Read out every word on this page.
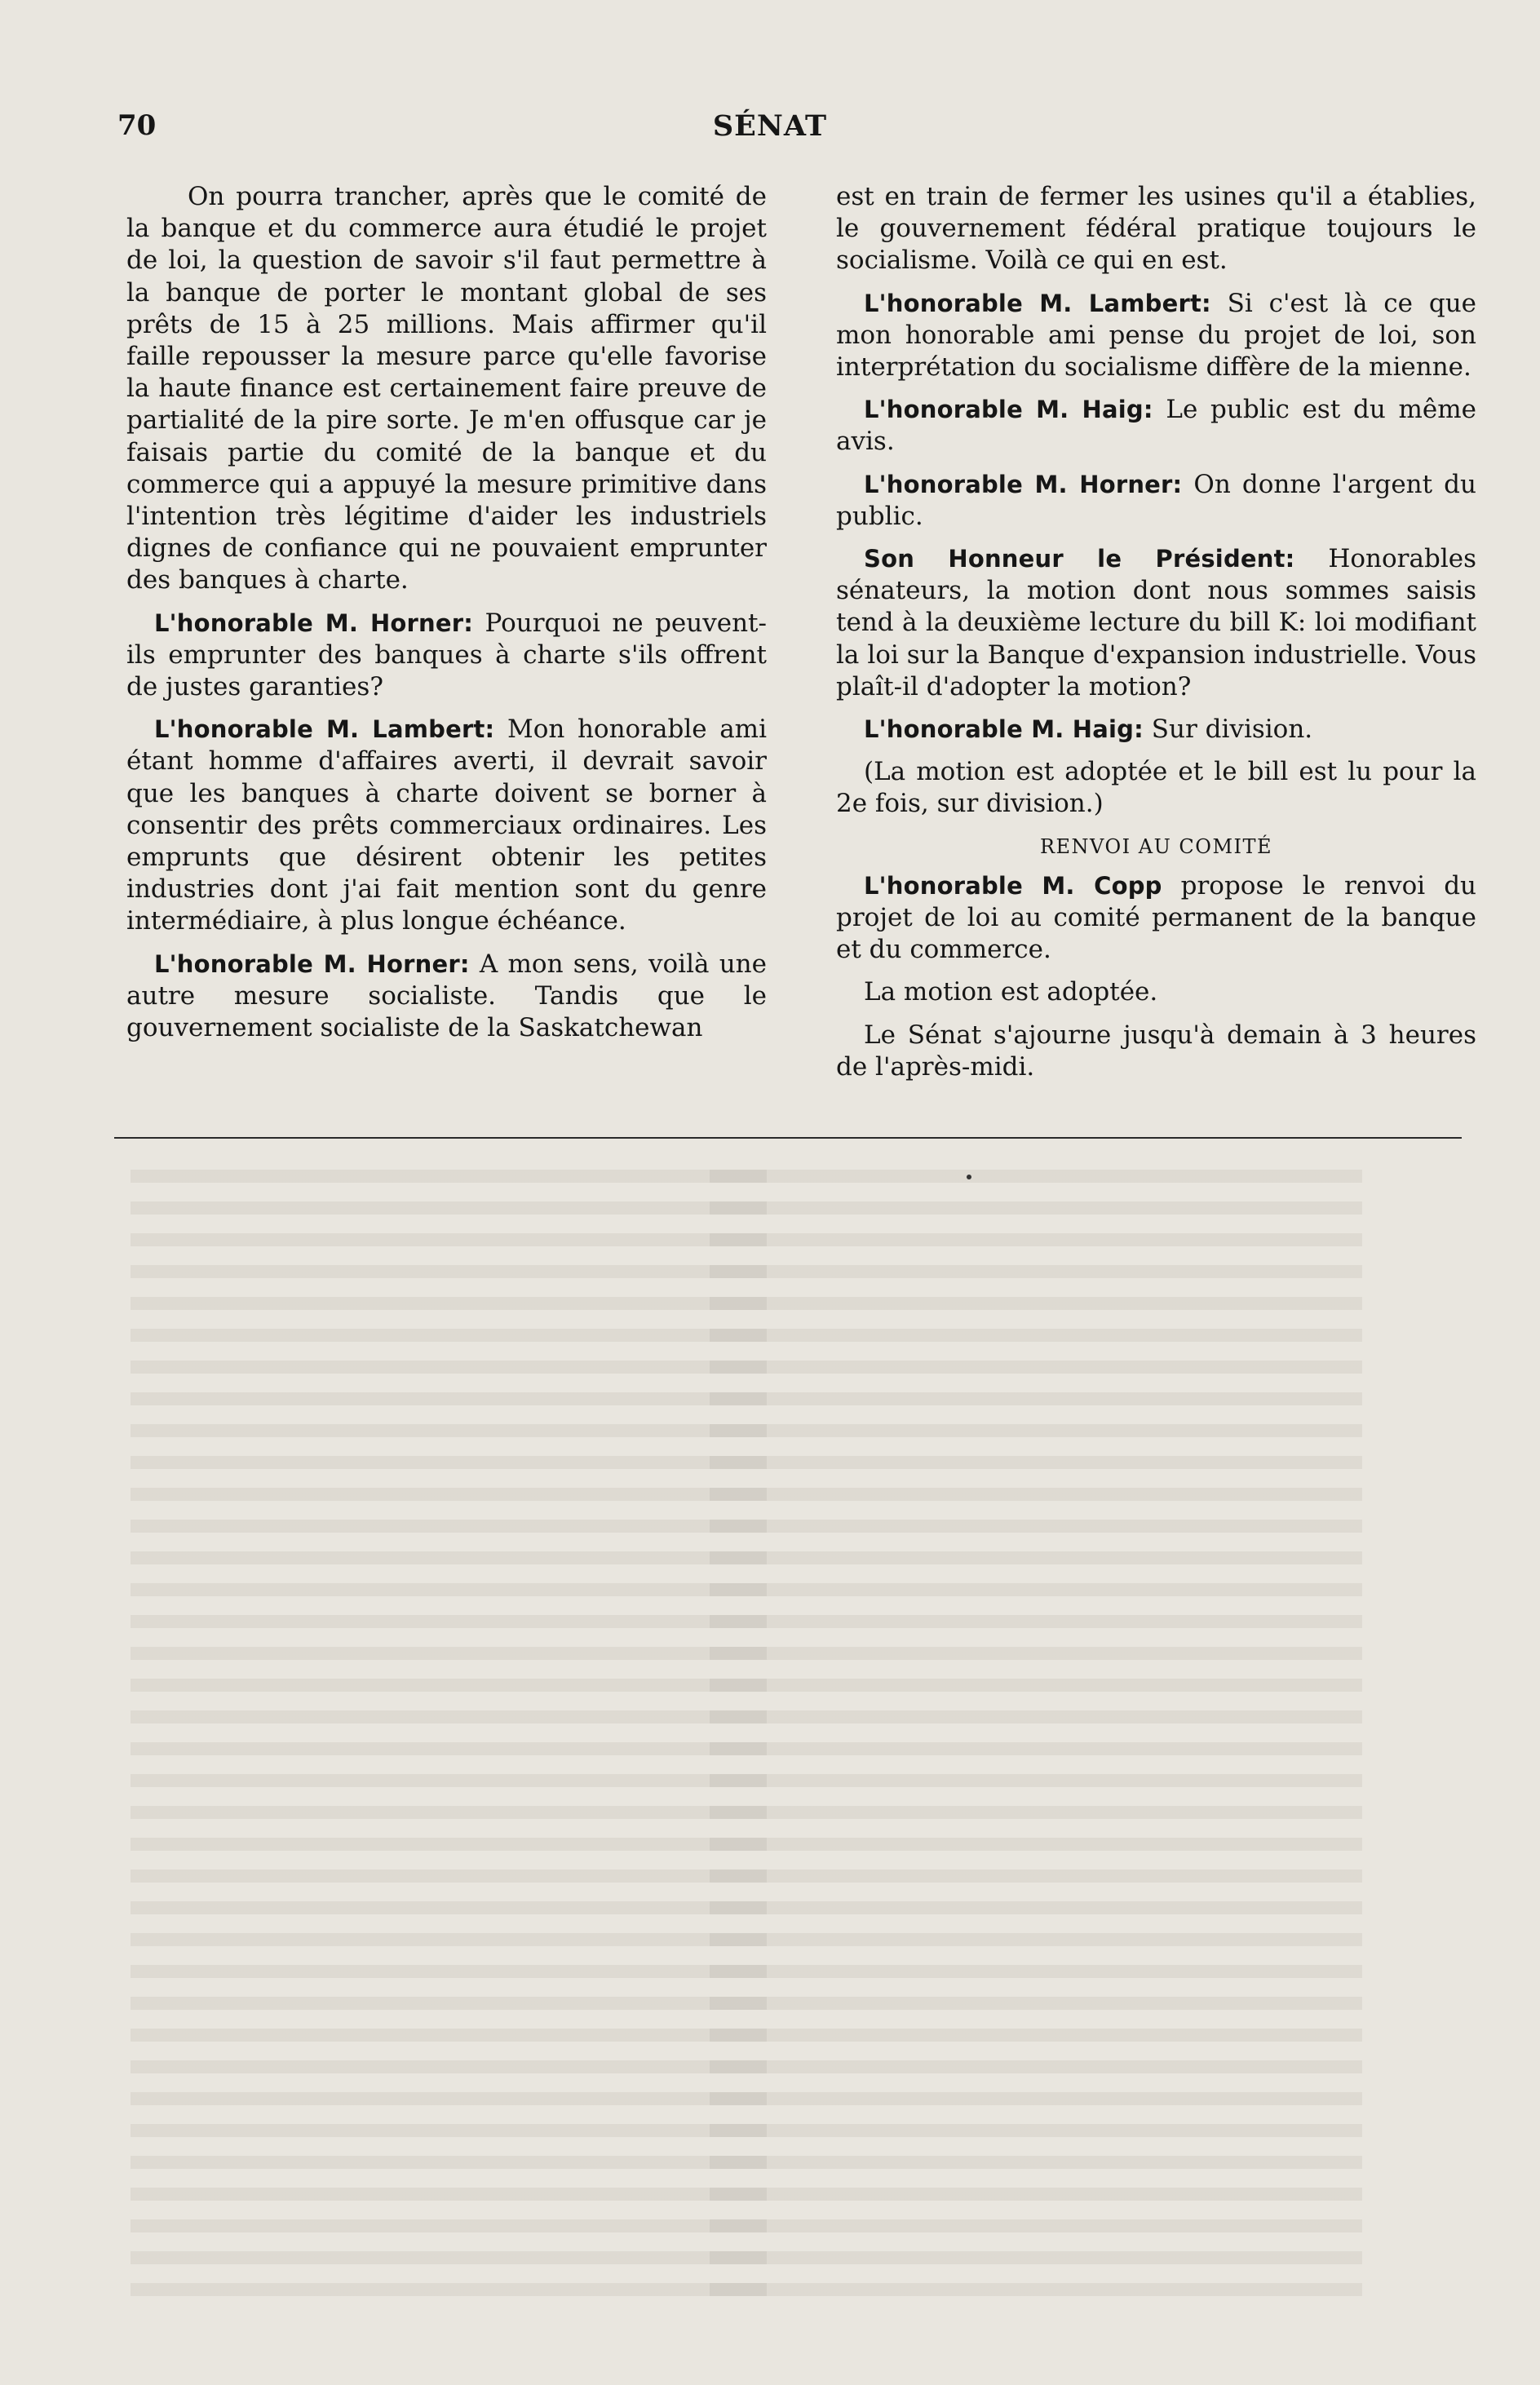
70	SÉNAT

On pourra trancher, après que le comité de la banque et du commerce aura étudié le projet de loi, la question de savoir s'il faut permettre à la banque de porter le montant global de ses prêts de 15 à 25 millions. Mais affirmer qu'il faille repousser la mesure parce qu'elle favorise la haute finance est certainement faire preuve de partialité de la pire sorte. Je m'en offusque car je faisais partie du comité de la banque et du commerce qui a appuyé la mesure primitive dans l'intention très légitime d'aider les industriels dignes de confiance qui ne pouvaient emprunter des banques à charte.

L'honorable M. Horner: Pourquoi ne peuvent-ils emprunter des banques à charte s'ils offrent de justes garanties?

L'honorable M. Lambert: Mon honorable ami étant homme d'affaires averti, il devrait savoir que les banques à charte doivent se borner à consentir des prêts commerciaux ordinaires. Les emprunts que désirent obtenir les petites industries dont j'ai fait mention sont du genre intermédiaire, à plus longue échéance.

L'honorable M. Horner: A mon sens, voilà une autre mesure socialiste. Tandis que le gouvernement socialiste de la Saskatchewan

est en train de fermer les usines qu'il a établies, le gouvernement fédéral pratique toujours le socialisme. Voilà ce qui en est.

L'honorable M. Lambert: Si c'est là ce que mon honorable ami pense du projet de loi, son interprétation du socialisme diffère de la mienne.

L'honorable M. Haig: Le public est du même avis.

L'honorable M. Horner: On donne l'argent du public.

Son Honneur le Président: Honorables sénateurs, la motion dont nous sommes saisis tend à la deuxième lecture du bill K: loi modifiant la loi sur la Banque d'expansion industrielle. Vous plaît-il d'adopter la motion?

L'honorable M. Haig: Sur division.

(La motion est adoptée et le bill est lu pour la 2e fois, sur division.)

RENVOI AU COMITÉ

L'honorable M. Copp propose le renvoi du projet de loi au comité permanent de la banque et du commerce.

La motion est adoptée.

Le Sénat s'ajourne jusqu'à demain à 3 heures de l'après-midi.
